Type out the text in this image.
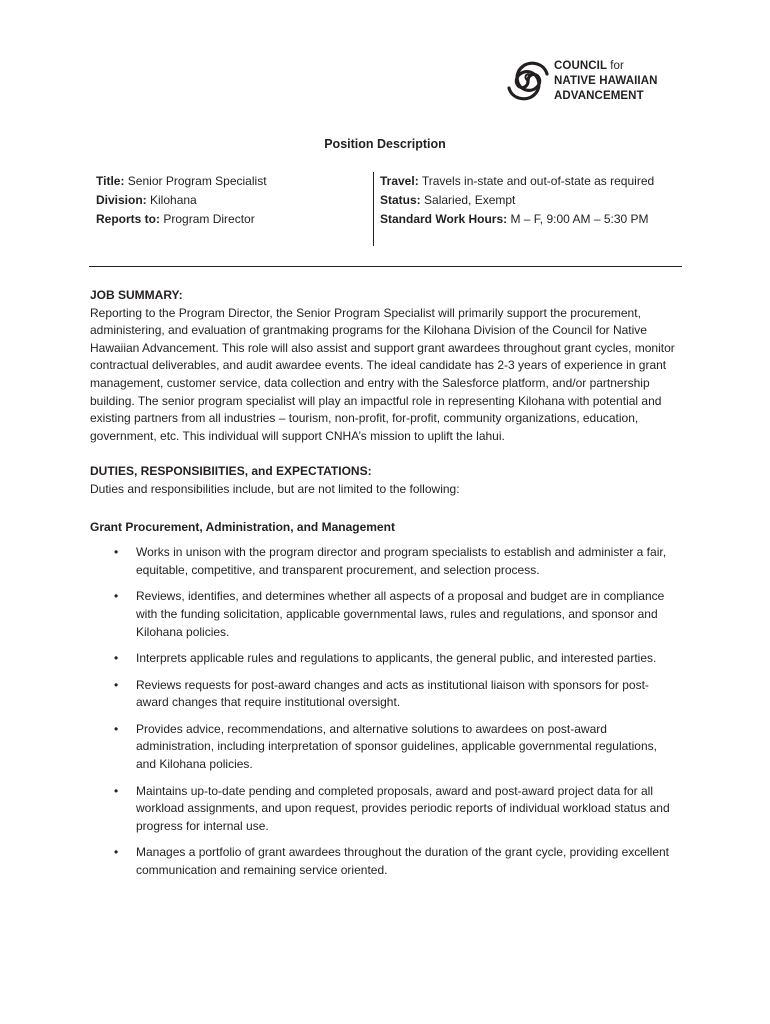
COUNCIL for
NATIVE HAWAIIAN
ADVANCEMENT
Position Description
Title: Senior Program Specialist
Division: Kilohana
Reports to: Program Director
Travel: Travels in-state and out-of-state as required
Status: Salaried, Exempt
Standard Work Hours: M – F, 9:00 AM – 5:30 PM
JOB SUMMARY:

Reporting to the Program Director, the Senior Program Specialist will primarily support the procurement, administering, and evaluation of grantmaking programs for the Kilohana Division of the Council for Native Hawaiian Advancement. This role will also assist and support grant awardees throughout grant cycles, monitor contractual deliverables, and audit awardee events. The ideal candidate has 2-3 years of experience in grant management, customer service, data collection and entry with the Salesforce platform, and/or partnership building. The senior program specialist will play an impactful role in representing Kilohana with potential and existing partners from all industries – tourism, non-profit, for-profit, community organizations, education, government, etc. This individual will support CNHA’s mission to uplift the lahui.

DUTIES, RESPONSIBIITIES, and EXPECTATIONS:
Duties and responsibilities include, but are not limited to the following:
Grant Procurement, Administration, and Management
• Works in unison with the program director and program specialists to establish and administer a fair, equitable, competitive, and transparent procurement, and selection process.
• Reviews, identifies, and determines whether all aspects of a proposal and budget are in compliance with the funding solicitation, applicable governmental laws, rules and regulations, and sponsor and Kilohana policies.
• Interprets applicable rules and regulations to applicants, the general public, and interested parties.
• Reviews requests for post-award changes and acts as institutional liaison with sponsors for post-award changes that require institutional oversight.
• Provides advice, recommendations, and alternative solutions to awardees on post-award administration, including interpretation of sponsor guidelines, applicable governmental regulations, and Kilohana policies.
• Maintains up-to-date pending and completed proposals, award and post-award project data for all workload assignments, and upon request, provides periodic reports of individual workload status and progress for internal use.
• Manages a portfolio of grant awardees throughout the duration of the grant cycle, providing excellent communication and remaining service oriented.
